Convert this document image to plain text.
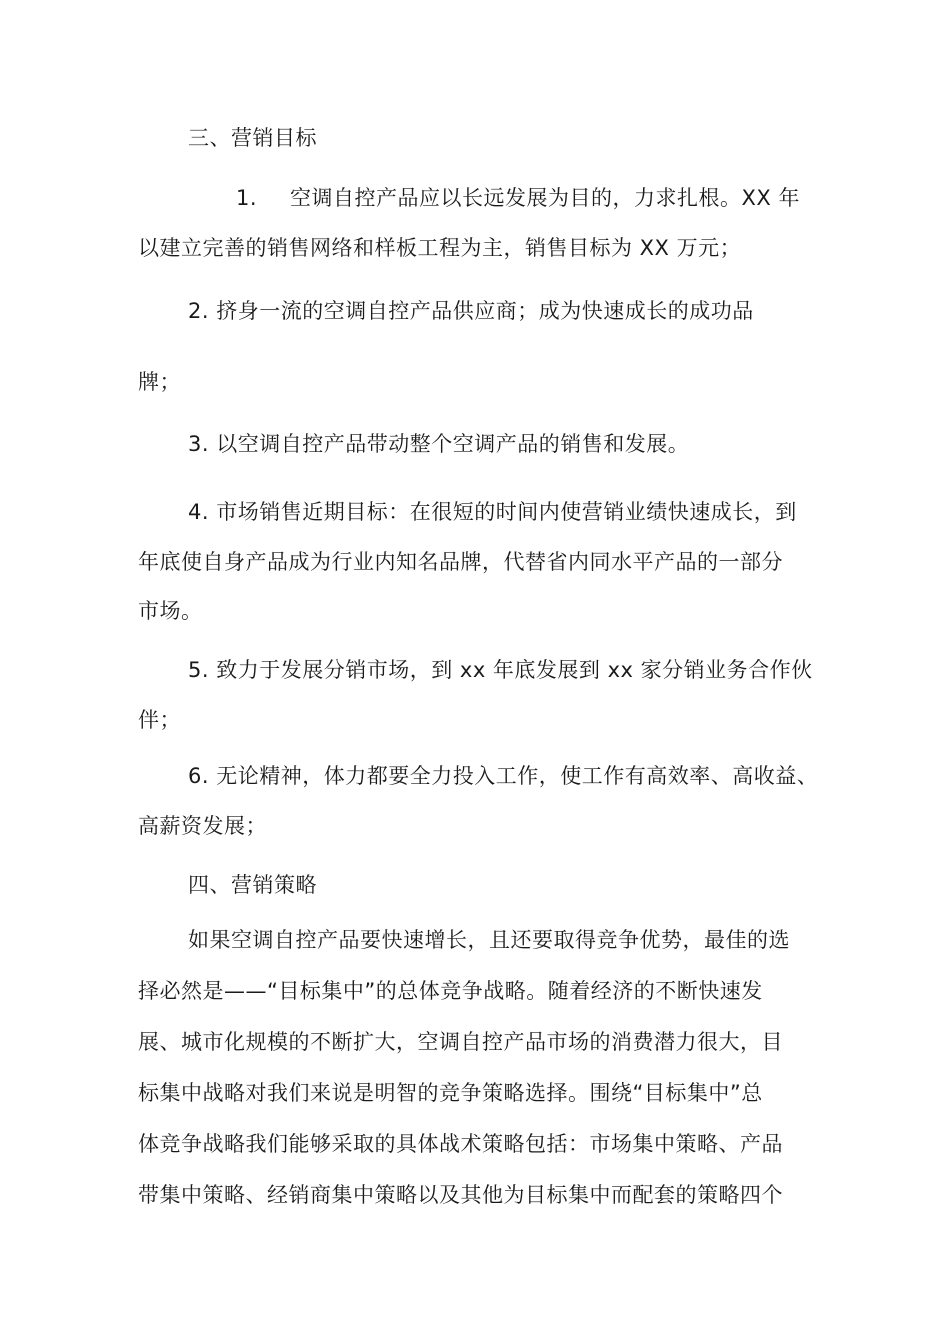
三、营销目标
1. 空调自控产品应以长远发展为目的，力求扎根。XX 年
以建立完善的销售网络和样板工程为主，销售目标为 XX 万元；
2. 挤身一流的空调自控产品供应商；成为快速成长的成功品
牌；
3. 以空调自控产品带动整个空调产品的销售和发展。
4. 市场销售近期目标：在很短的时间内使营销业绩快速成长，到
年底使自身产品成为行业内知名品牌，代替省内同水平产品的一部分
市场。
5. 致力于发展分销市场，到 xx 年底发展到 xx 家分销业务合作伙
伴；
6. 无论精神，体力都要全力投入工作，使工作有高效率、高收益、
高薪资发展；
四、营销策略
如果空调自控产品要快速增长，且还要取得竞争优势，最佳的选
择必然是——“目标集中”的总体竞争战略。随着经济的不断快速发
展、城市化规模的不断扩大，空调自控产品市场的消费潜力很大，目
标集中战略对我们来说是明智的竞争策略选择。围绕“目标集中”总
体竞争战略我们能够采取的具体战术策略包括：市场集中策略、产品
带集中策略、经销商集中策略以及其他为目标集中而配套的策略四个
